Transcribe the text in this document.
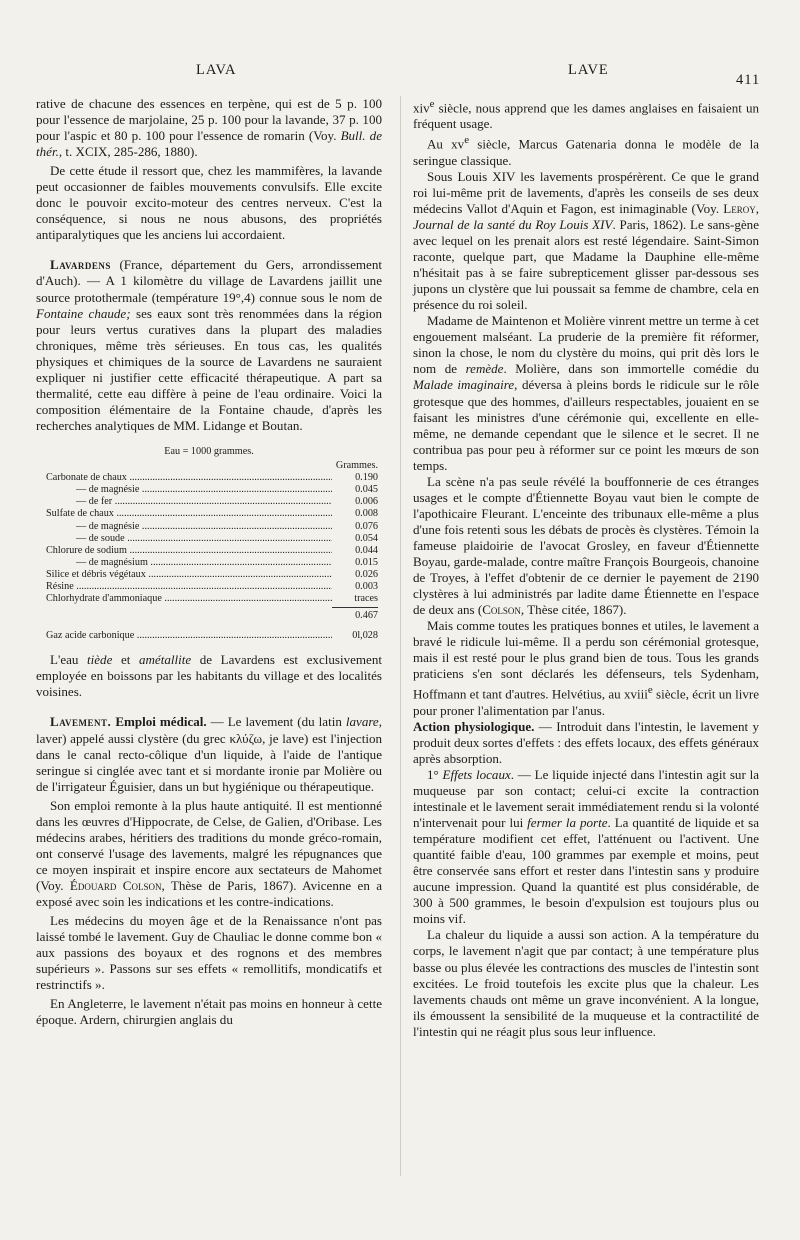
LAVA	LAVE
411

rative de chacune des essences en terpène, qui est de 5 p. 100 pour l'essence de marjolaine, 25 p. 100 pour la lavande, 37 p. 100 pour l'aspic et 80 p. 100 pour l'essence de romarin (Voy. Bull. de thér., t. XCIX, 285-286, 1880).

De cette étude il ressort que, chez les mammifères, la lavande peut occasionner de faibles mouvements convulsifs. Elle excite donc le pouvoir excito-moteur des centres nerveux. C'est la conséquence, si nous ne nous abusons, des propriétés antiparalytiques que les anciens lui accordaient.

Lavardens (France, département du Gers, arrondissement d'Auch). — A 1 kilomètre du village de Lavardens jaillit une source protothermale (température 19°,4) connue sous le nom de Fontaine chaude; ses eaux sont très renommées dans la région pour leurs vertus curatives dans la plupart des maladies chroniques, même très sérieuses. En tous cas, les qualités physiques et chimiques de la source de Lavardens ne sauraient expliquer ni justifier cette efficacité thérapeutique. A part sa thermalité, cette eau diffère à peine de l'eau ordinaire. Voici la composition élémentaire de la Fontaine chaude, d'après les recherches analytiques de MM. Lidange et Boutan.

Eau = 1000 grammes.
Grammes.
Carbonate de chaux .....	0.190
— de magnésie .....	0.045
— de fer .....	0.006
Sulfate de chaux .....	0.008
— de magnésie .....	0.076
— de soude .....	0.054
Chlorure de sodium .....	0.044
— de magnésium .....	0.015
Silice et débris végétaux .....	0.026
Résine .....	0.003
Chlorhydrate d'ammoniaque .....	traces
0.467
Gaz acide carbonique .....	0l,028

L'eau tiède et amétallite de Lavardens est exclusivement employée en boissons par les habitants du village et des localités voisines.

Lavement. Emploi médical. — Le lavement (du latin lavare, laver) appelé aussi clystère (du grec κλύζω, je lave) est l'injection dans le canal recto-côlique d'un liquide, à l'aide de l'antique seringue si cinglée avec tant et si mordante ironie par Molière ou de l'irrigateur Éguisier, dans un but hygiénique ou thérapeutique.

Son emploi remonte à la plus haute antiquité. Il est mentionné dans les œuvres d'Hippocrate, de Celse, de Galien, d'Oribase. Les médecins arabes, héritiers des traditions du monde gréco-romain, ont conservé l'usage des lavements, malgré les répugnances que ce moyen inspirait et inspire encore aux sectateurs de Mahomet (Voy. Édouard Colson, Thèse de Paris, 1867). Avicenne en a exposé avec soin les indications et les contre-indications.

Les médecins du moyen âge et de la Renaissance n'ont pas laissé tombé le lavement. Guy de Chauliac le donne comme bon « aux passions des boyaux et des rognons et des membres supérieurs ». Passons sur ses effets « remollitifs, mondicatifs et restrinctifs ».

En Angleterre, le lavement n'était pas moins en honneur à cette époque. Ardern, chirurgien anglais du

xiv$^e$ siècle, nous apprend que les dames anglaises en faisaient un fréquent usage.

Au $xv^e$ siècle, Marcus Gatenaria donna le modèle de la seringue classique.

Sous Louis XIV les lavements prospérèrent. Ce que le grand roi lui-même prit de lavements, d'après les conseils de ses deux médecins Vallot d'Aquin et Fagon, est inimaginable (Voy. Leroy, Journal de la santé du Roy Louis XIV. Paris, 1862). Le sans-gène avec lequel on les prenait alors est resté légendaire. Saint-Simon raconte, quelque part, que Madame la Dauphine elle-même n'hésitait pas à se faire subrepticement glisser par-dessous ses jupons un clystère que lui poussait sa femme de chambre, cela en présence du roi soleil.

Madame de Maintenon et Molière vinrent mettre un terme à cet engouement malséant. La pruderie de la première fit réformer, sinon la chose, le nom du clystère du moins, qui prit dès lors le nom de remède. Molière, dans son immortelle comédie du Malade imaginaire, déversa à pleins bords le ridicule sur le rôle grotesque que des hommes, d'ailleurs respectables, jouaient en se faisant les ministres d'une cérémonie qui, excellente en elle-même, ne demande cependant que le silence et le secret. Il ne contribua pas pour peu à réformer sur ce point les mœurs de son temps.

La scène n'a pas seule révélé la bouffonnerie de ces étranges usages et le compte d'Étiennette Boyau vaut bien le compte de l'apothicaire Fleurant. L'enceinte des tribunaux elle-même a plus d'une fois retenti sous les débats de procès ès clystères. Témoin la fameuse plaidoirie de l'avocat Grosley, en faveur d'Étiennette Boyau, garde-malade, contre maître François Bourgeois, chanoine de Troyes, à l'effet d'obtenir de ce dernier le payement de 2190 clystères à lui administrés par ladite dame Étiennette en l'espace de deux ans (Colson, Thèse citée, 1867).

Mais comme toutes les pratiques bonnes et utiles, le lavement a bravé le ridicule lui-même. Il a perdu son cérémonial grotesque, mais il est resté pour le plus grand bien de tous. Tous les grands praticiens s'en sont déclarés les défenseurs, tels Sydenham, Hoffmann et tant d'autres. Helvétius, au xviii$^e$ siècle, écrit un livre pour proner l'alimentation par l'anus.

Action physiologique. — Introduit dans l'intestin, le lavement y produit deux sortes d'effets : des effets locaux, des effets généraux après absorption.

1° Effets locaux. — Le liquide injecté dans l'intestin agit sur la muqueuse par son contact; celui-ci excite la contraction intestinale et le lavement serait immédiatement rendu si la volonté n'intervenait pour lui fermer la porte. La quantité de liquide et sa température modifient cet effet, l'atténuent ou l'activent. Une quantité faible d'eau, 100 grammes par exemple et moins, peut être conservée sans effort et rester dans l'intestin sans y produire aucune impression. Quand la quantité est plus considérable, de 300 à 500 grammes, le besoin d'expulsion est toujours plus ou moins vif.

La chaleur du liquide a aussi son action. A la température du corps, le lavement n'agit que par contact; à une température plus basse ou plus élevée les contractions des muscles de l'intestin sont excitées. Le froid toutefois les excite plus que la chaleur. Les lavements chauds ont même un grave inconvénient. A la longue, ils émoussent la sensibilité de la muqueuse et la contractilité de l'intestin qui ne réagit plus sous leur influence.
